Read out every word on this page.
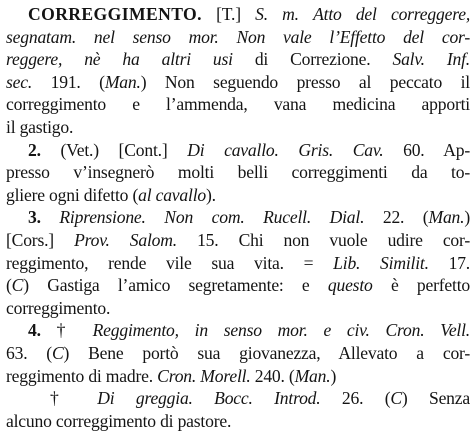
CORREGGIMENTO. [T.] S. m. Atto del correggere,
segnatam. nel senso mor. Non vale l’Effetto del cor-
reggere, nè ha altri usi di Correzione. Salv. Inf.
sec. 191. (Man.) Non seguendo presso al peccato il
correggimento e l’ammenda, vana medicina apporti
il gastigo.
2. (Vet.) [Cont.] Di cavallo. Gris. Cav. 60. Ap-
presso v’insegnerò molti belli correggimenti da to-
gliere ogni difetto (al cavallo).
3. Riprensione. Non com. Rucell. Dial. 22. (Man.)
[Cors.] Prov. Salom. 15. Chi non vuole udire cor-
reggimento, rende vile sua vita. = Lib. Similit. 17.
(C) Gastiga l’amico segretamente: e questo è perfetto
correggimento.
4. † Reggimento, in senso mor. e civ. Cron. Vell.
63. (C) Bene portò sua giovanezza, Allevato a cor-
reggimento di madre. Cron. Morell. 240. (Man.)
† Di greggia. Bocc. Introd. 26. (C) Senza
alcuno correggimento di pastore.
